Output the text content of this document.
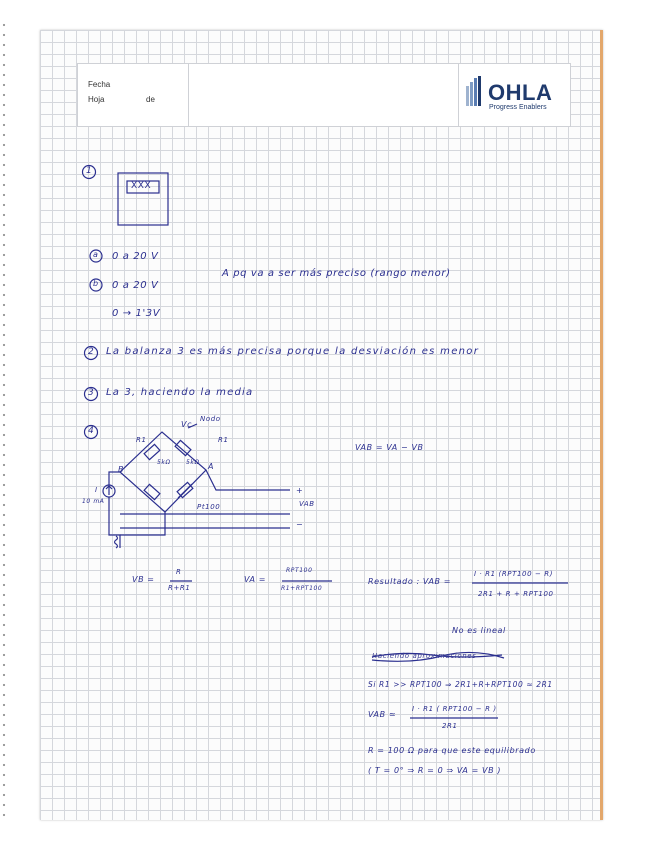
Fecha
Hoja	de	OHLA
Progress Enablers
1
XXX
a 0 a 20 V
b 0 a 20 V
0 → 1'3V
A pq va a ser más preciso (rango menor)
2 La balanza 3 es más precisa porque la desviación es menor
3 La 3, haciendo la media
4
Nodo
Vc
R1	R1
5kΩ	5kΩ
B	A
I
10 mA
Pt100
+
−
VAB
VAB = VA − VB
VB =
R
R+R1
VA =
RPT100
R1+RPT100
Resultado : VAB =
I · R1 (RPT100 − R)
2R1 + R + RPT100
No es lineal
Haciendo aproximaciones
Si R1 >> RPT100 ⇒ 2R1+R+RPT100 ≈ 2R1
VAB ≃
I · R1 ( RPT100 − R )
2R1
R = 100 Ω para que este equilibrado
( T = 0° ⇒ R = 0 ⇒ VA = VB )
